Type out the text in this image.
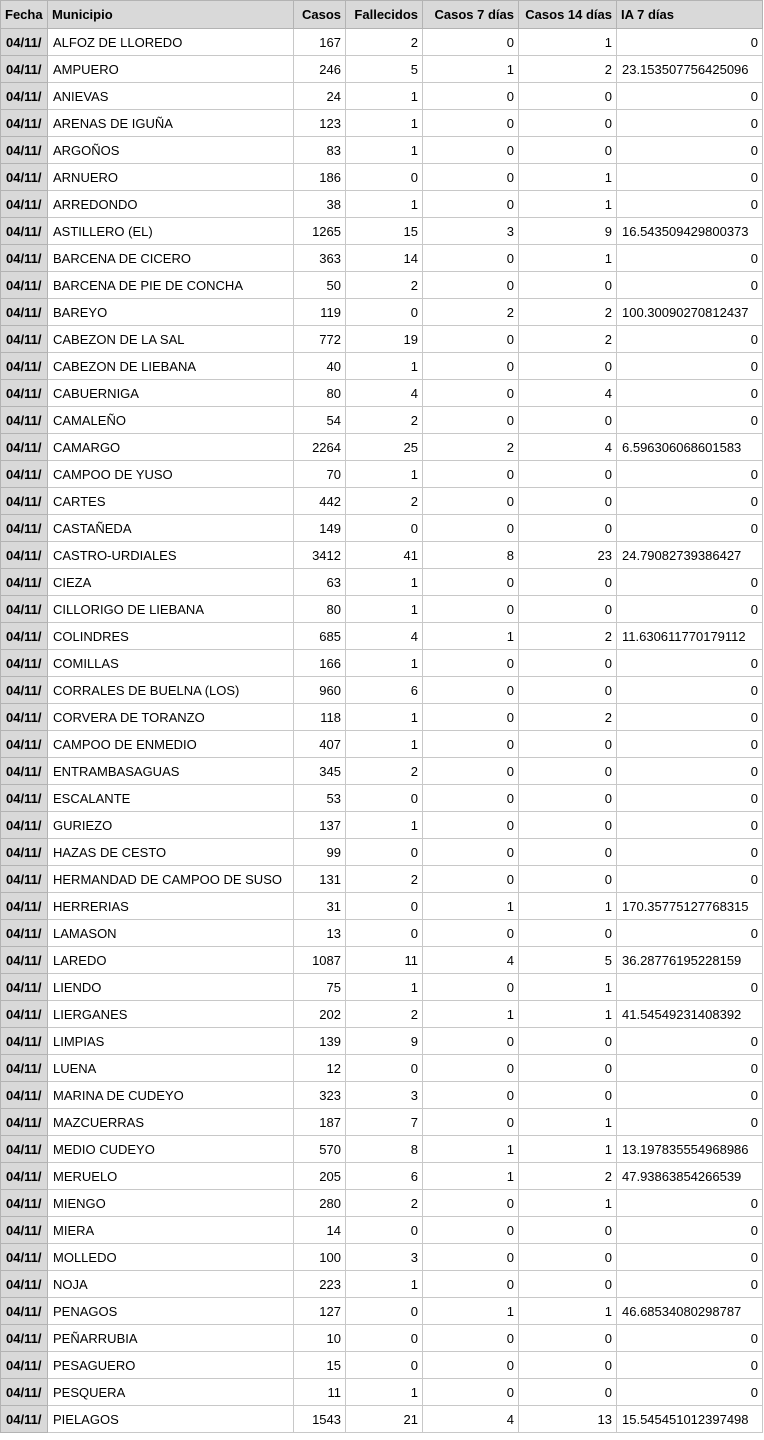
Fecha	Municipio	Casos	Fallecidos	Casos 7 días	Casos 14 días	IA 7 días
04/11/	ALFOZ DE LLOREDO	167	2	0	1	0
04/11/	AMPUERO	246	5	1	2	23.153507756425096
04/11/	ANIEVAS	24	1	0	0	0
04/11/	ARENAS DE IGUÑA	123	1	0	0	0
04/11/	ARGOÑOS	83	1	0	0	0
04/11/	ARNUERO	186	0	0	1	0
04/11/	ARREDONDO	38	1	0	1	0
04/11/	ASTILLERO (EL)	1265	15	3	9	16.543509429800373
04/11/	BARCENA DE CICERO	363	14	0	1	0
04/11/	BARCENA DE PIE DE CONCHA	50	2	0	0	0
04/11/	BAREYO	119	0	2	2	100.30090270812437
04/11/	CABEZON DE LA SAL	772	19	0	2	0
04/11/	CABEZON DE LIEBANA	40	1	0	0	0
04/11/	CABUERNIGA	80	4	0	4	0
04/11/	CAMALEÑO	54	2	0	0	0
04/11/	CAMARGO	2264	25	2	4	6.596306068601583
04/11/	CAMPOO DE YUSO	70	1	0	0	0
04/11/	CARTES	442	2	0	0	0
04/11/	CASTAÑEDA	149	0	0	0	0
04/11/	CASTRO-URDIALES	3412	41	8	23	24.79082739386427
04/11/	CIEZA	63	1	0	0	0
04/11/	CILLORIGO DE LIEBANA	80	1	0	0	0
04/11/	COLINDRES	685	4	1	2	11.630611770179112
04/11/	COMILLAS	166	1	0	0	0
04/11/	CORRALES DE BUELNA (LOS)	960	6	0	0	0
04/11/	CORVERA DE TORANZO	118	1	0	2	0
04/11/	CAMPOO DE ENMEDIO	407	1	0	0	0
04/11/	ENTRAMBASAGUAS	345	2	0	0	0
04/11/	ESCALANTE	53	0	0	0	0
04/11/	GURIEZO	137	1	0	0	0
04/11/	HAZAS DE CESTO	99	0	0	0	0
04/11/	HERMANDAD DE CAMPOO DE SUSO	131	2	0	0	0
04/11/	HERRERIAS	31	0	1	1	170.35775127768315
04/11/	LAMASON	13	0	0	0	0
04/11/	LAREDO	1087	11	4	5	36.28776195228159
04/11/	LIENDO	75	1	0	1	0
04/11/	LIERGANES	202	2	1	1	41.54549231408392
04/11/	LIMPIAS	139	9	0	0	0
04/11/	LUENA	12	0	0	0	0
04/11/	MARINA DE CUDEYO	323	3	0	0	0
04/11/	MAZCUERRAS	187	7	0	1	0
04/11/	MEDIO CUDEYO	570	8	1	1	13.197835554968986
04/11/	MERUELO	205	6	1	2	47.93863854266539
04/11/	MIENGO	280	2	0	1	0
04/11/	MIERA	14	0	0	0	0
04/11/	MOLLEDO	100	3	0	0	0
04/11/	NOJA	223	1	0	0	0
04/11/	PENAGOS	127	0	1	1	46.68534080298787
04/11/	PEÑARRUBIA	10	0	0	0	0
04/11/	PESAGUERO	15	0	0	0	0
04/11/	PESQUERA	11	1	0	0	0
04/11/	PIELAGOS	1543	21	4	13	15.545451012397498
